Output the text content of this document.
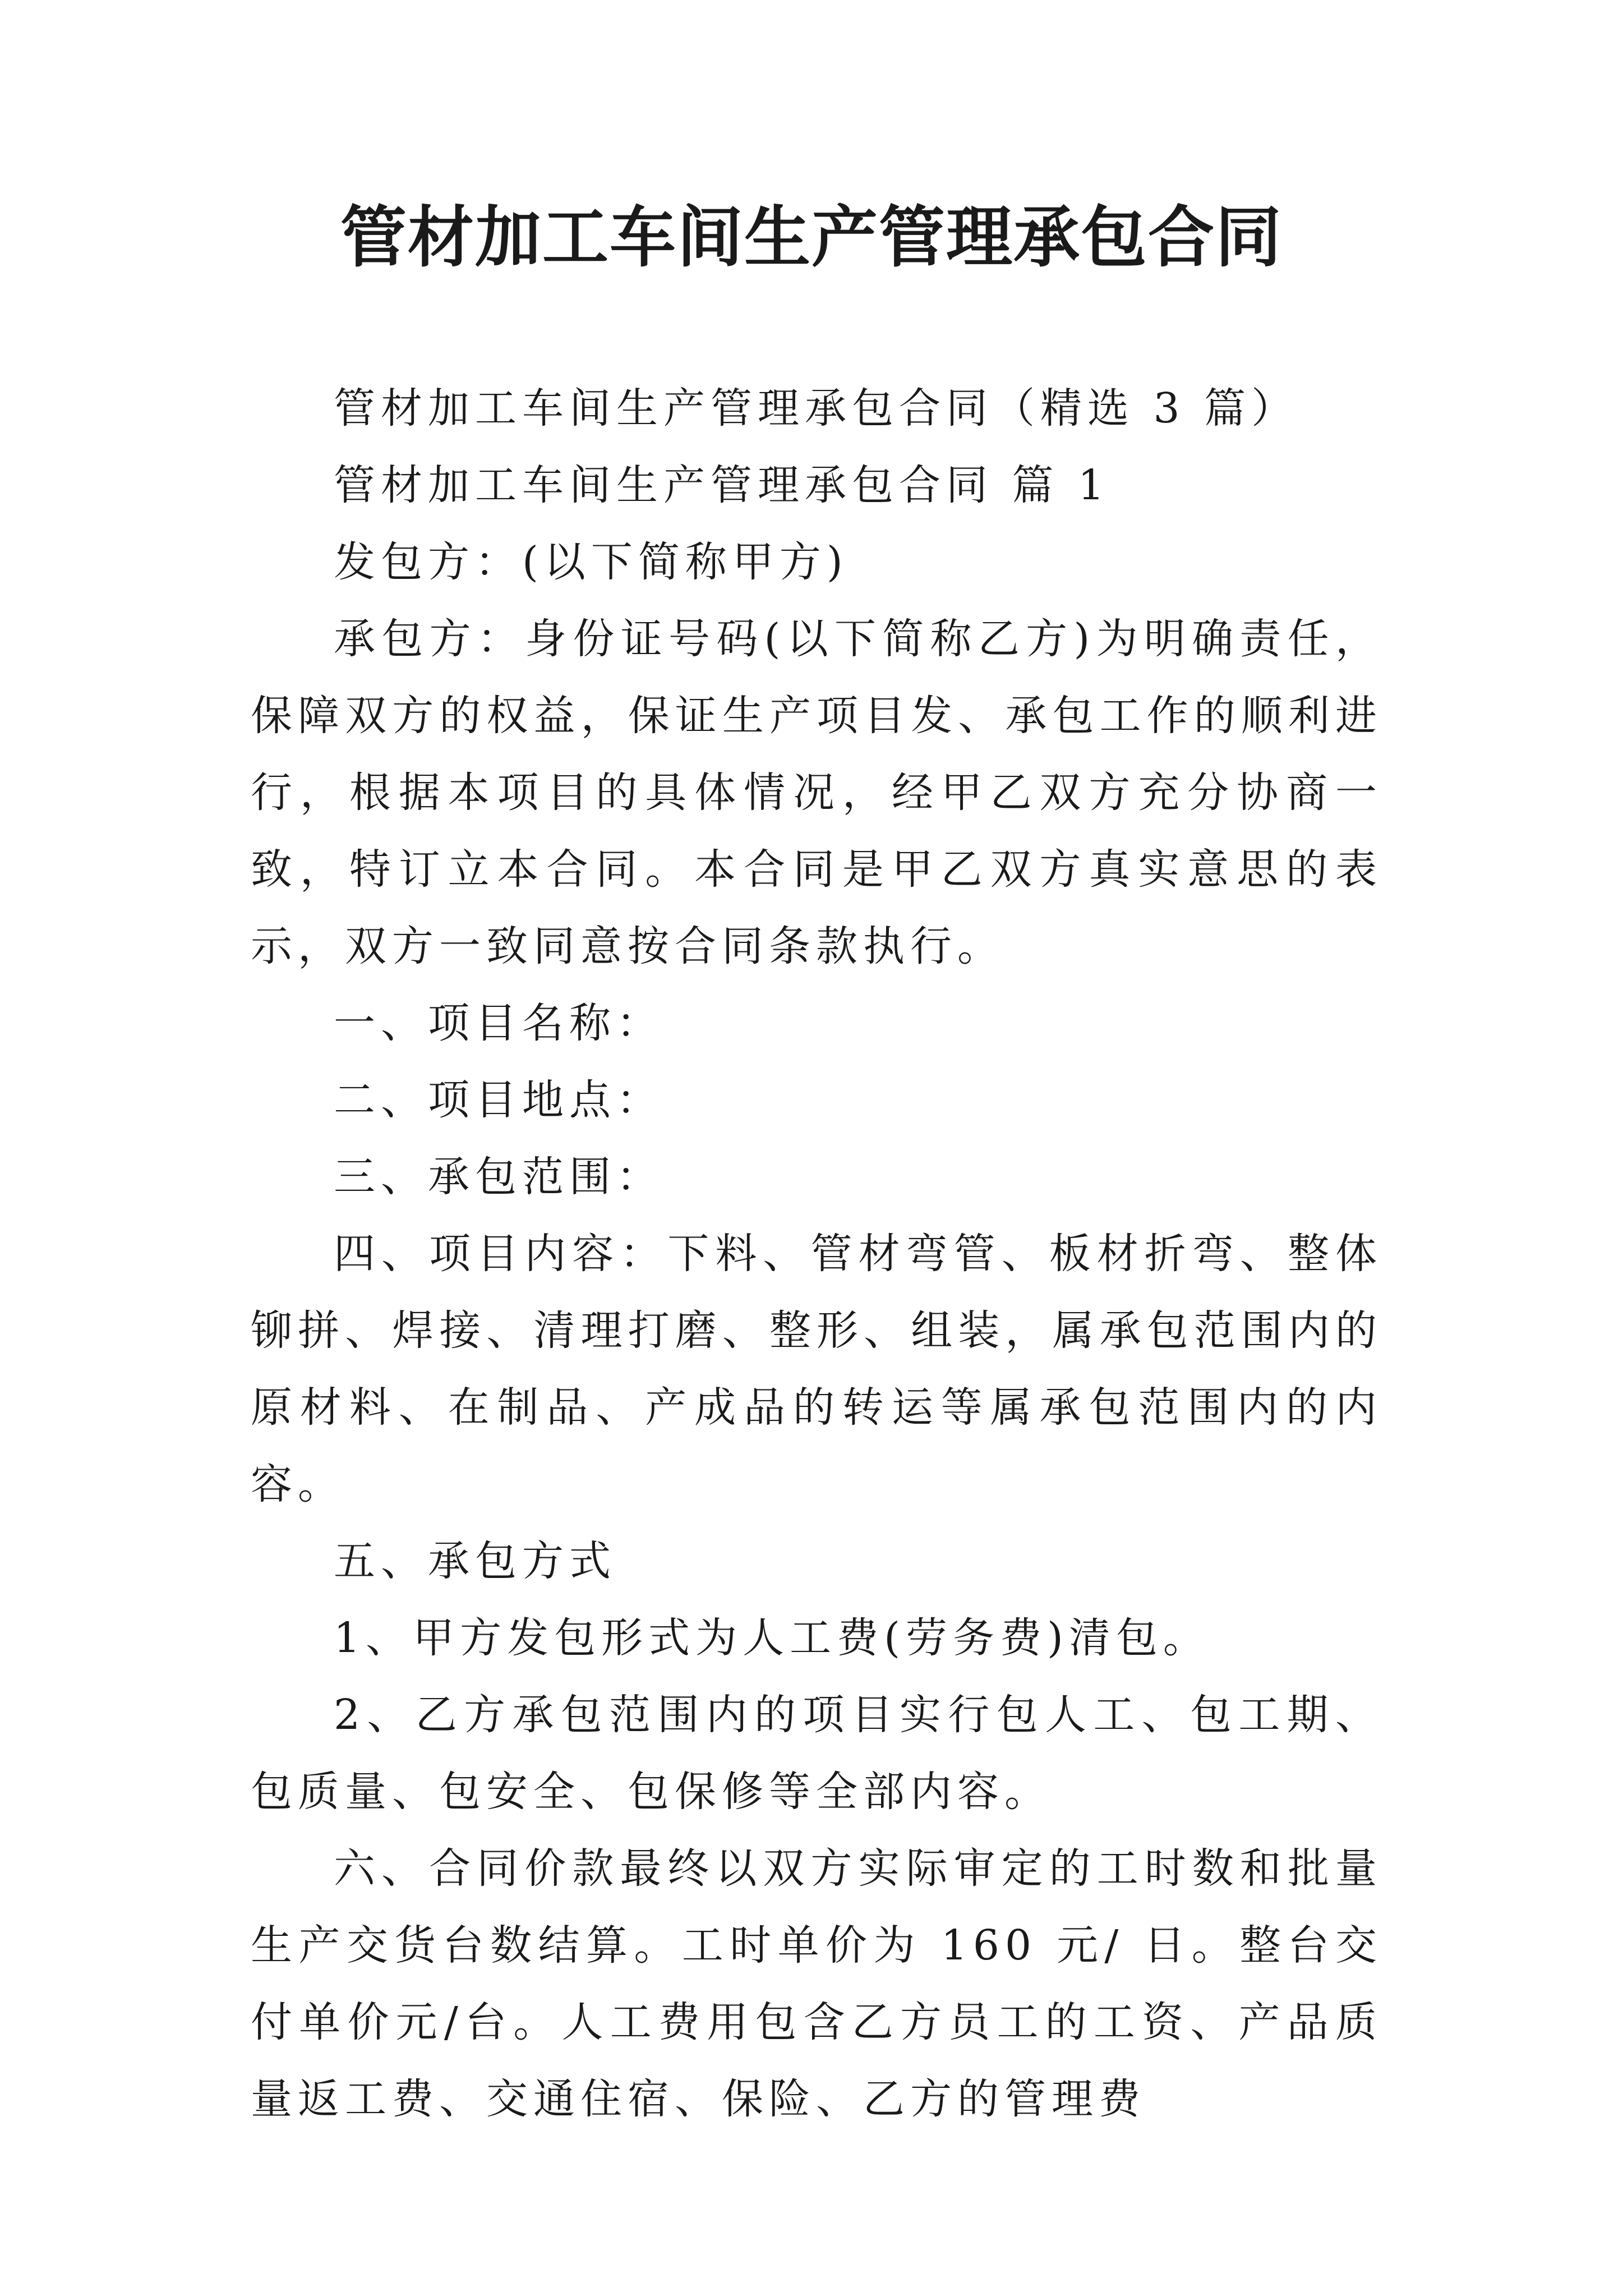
管材加工车间生产管理承包合同

管材加工车间生产管理承包合同（精选 3 篇）

管材加工车间生产管理承包合同 篇 1

发包方：(以下简称甲方)

承包方：身份证号码(以下简称乙方)为明确责任，保障双方的权益，保证生产项目发、承包工作的顺利进行，根据本项目的具体情况，经甲乙双方充分协商一致，特订立本合同。本合同是甲乙双方真实意思的表示，双方一致同意按合同条款执行。

一、项目名称：

二、项目地点：

三、承包范围：

四、项目内容：下料、管材弯管、板材折弯、整体铆拼、焊接、清理打磨、整形、组装，属承包范围内的原材料、在制品、产成品的转运等属承包范围内的内容。

五、承包方式

1、甲方发包形式为人工费(劳务费)清包。

2、乙方承包范围内的项目实行包人工、包工期、包质量、包安全、包保修等全部内容。

六、合同价款最终以双方实际审定的工时数和批量生产交货台数结算。工时单价为 160 元/ 日。整台交付单价元/台。人工费用包含乙方员工的工资、产品质量返工费、交通住宿、保险、乙方的管理费
